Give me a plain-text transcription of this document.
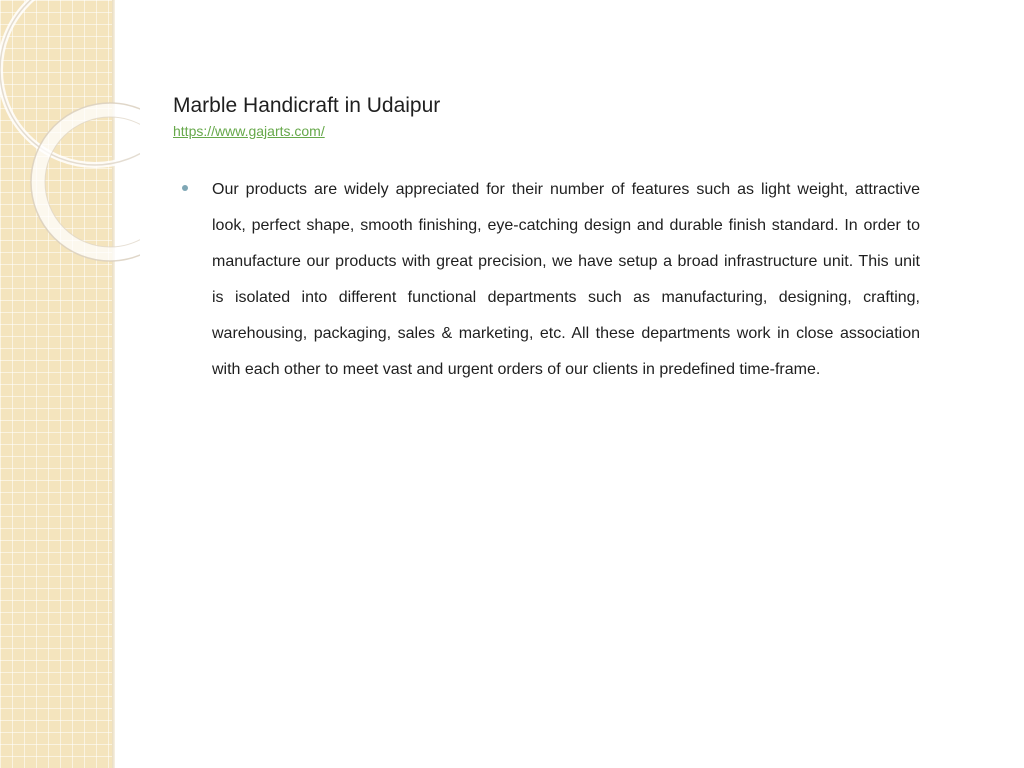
Marble Handicraft in Udaipur
https://www.gajarts.com/
Our products are widely appreciated for their number of features such as light weight, attractive look, perfect shape, smooth finishing, eye-catching design and durable finish standard. In order to manufacture our products with great precision, we have setup a broad infrastructure unit. This unit is isolated into different functional departments such as manufacturing, designing, crafting, warehousing, packaging, sales & marketing, etc. All these departments work in close association with each other to meet vast and urgent orders of our clients in predefined time-frame.
